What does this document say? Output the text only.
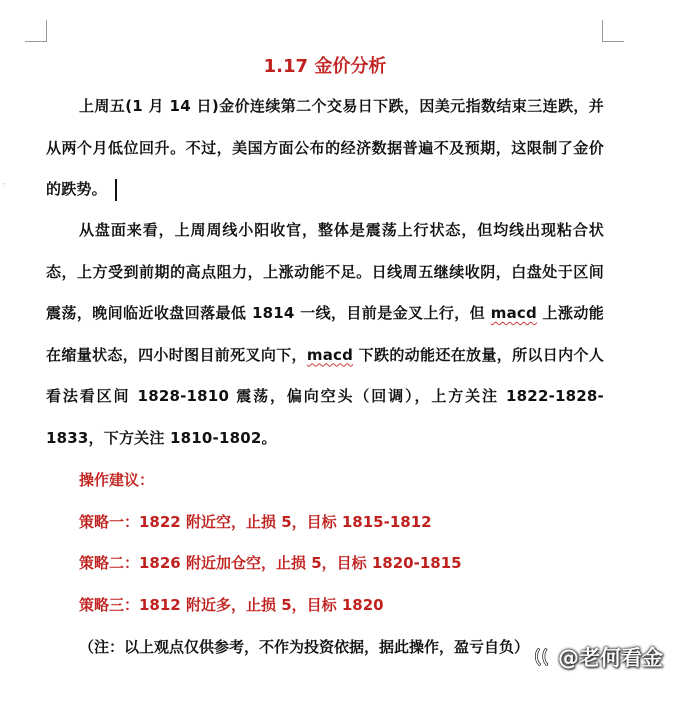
˅
1.17 金价分析

上周五(1 月 14 日)金价连续第二个交易日下跌，因美元指数结束三连跌，并从两个月低位回升。不过，美国方面公布的经济数据普遍不及预期，这限制了金价的跌势。

从盘面来看，上周周线小阳收官，整体是震荡上行状态，但均线出现粘合状态，上方受到前期的高点阻力，上涨动能不足。日线周五继续收阴，白盘处于区间震荡，晚间临近收盘回落最低 1814 一线，目前是金叉上行，但 macd 上涨动能在缩量状态，四小时图目前死叉向下，macd 下跌的动能还在放量，所以日内个人看法看区间 1828-1810 震荡，偏向空头（回调），上方关注 1822-1828-1833，下方关注 1810-1802。

操作建议：

策略一：1822 附近空，止损 5，目标 1815-1812

策略二：1826 附近加仓空，止损 5，目标 1820-1815

策略三：1812 附近多，止损 5，目标 1820

（注：以上观点仅供参考，不作为投资依据，据此操作，盈亏自负） @老何看金
